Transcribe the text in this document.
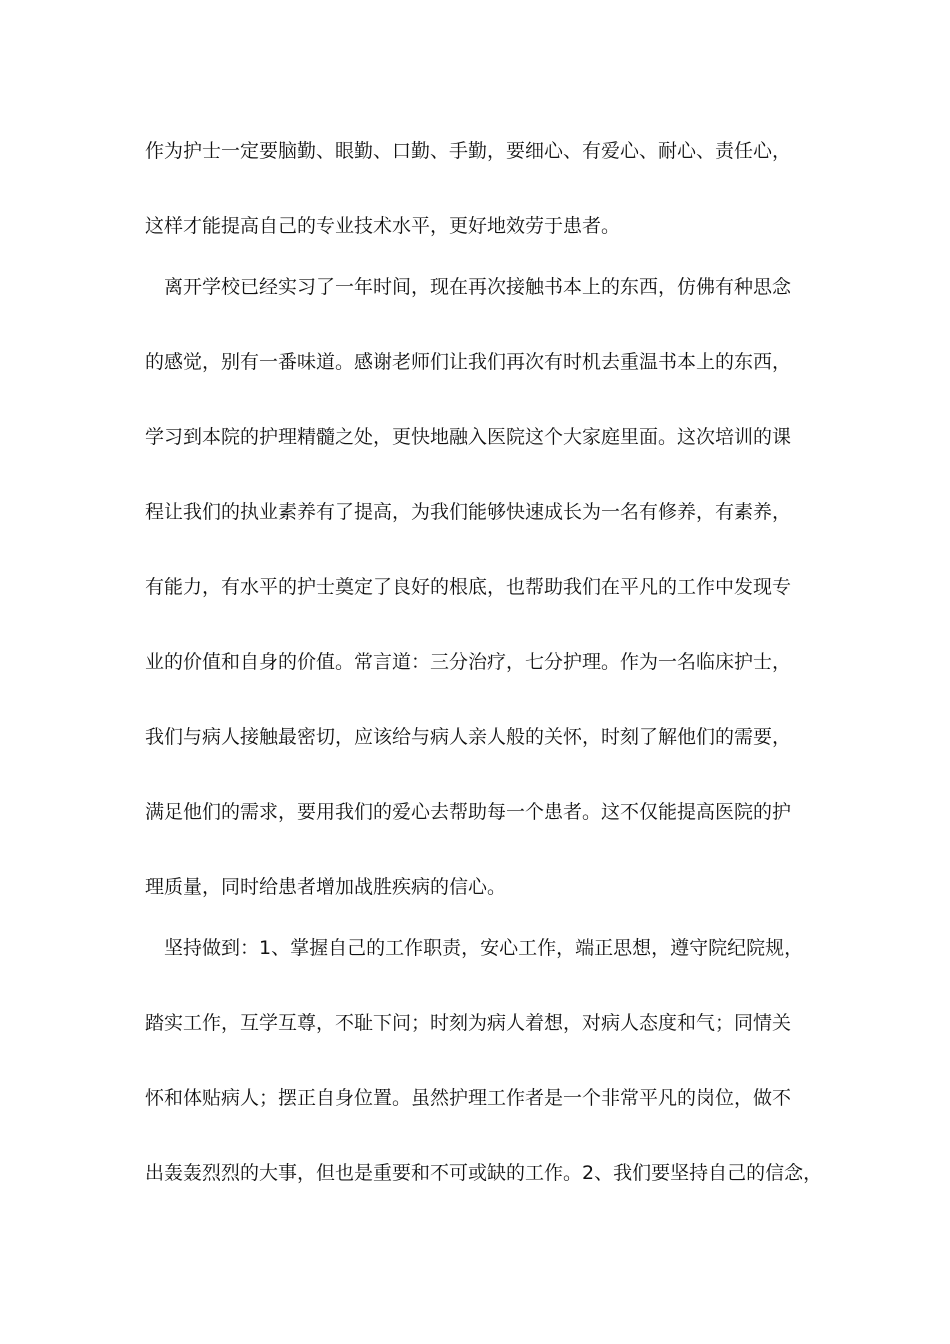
作为护士一定要脑勤、眼勤、口勤、手勤，要细心、有爱心、耐心、责任心，
这样才能提高自己的专业技术水平，更好地效劳于患者。
　离开学校已经实习了一年时间，现在再次接触书本上的东西，仿佛有种思念
的感觉，别有一番味道。感谢老师们让我们再次有时机去重温书本上的东西，
学习到本院的护理精髓之处，更快地融入医院这个大家庭里面。这次培训的课
程让我们的执业素养有了提高，为我们能够快速成长为一名有修养，有素养，
有能力，有水平的护士奠定了良好的根底，也帮助我们在平凡的工作中发现专
业的价值和自身的价值。常言道：三分治疗，七分护理。作为一名临床护士，
我们与病人接触最密切，应该给与病人亲人般的关怀，时刻了解他们的需要，
满足他们的需求，要用我们的爱心去帮助每一个患者。这不仅能提高医院的护
理质量，同时给患者增加战胜疾病的信心。
　坚持做到：1、掌握自己的工作职责，安心工作，端正思想，遵守院纪院规，
踏实工作，互学互尊，不耻下问；时刻为病人着想，对病人态度和气；同情关
怀和体贴病人；摆正自身位置。虽然护理工作者是一个非常平凡的岗位，做不
出轰轰烈烈的大事，但也是重要和不可或缺的工作。2、我们要坚持自己的信念，
